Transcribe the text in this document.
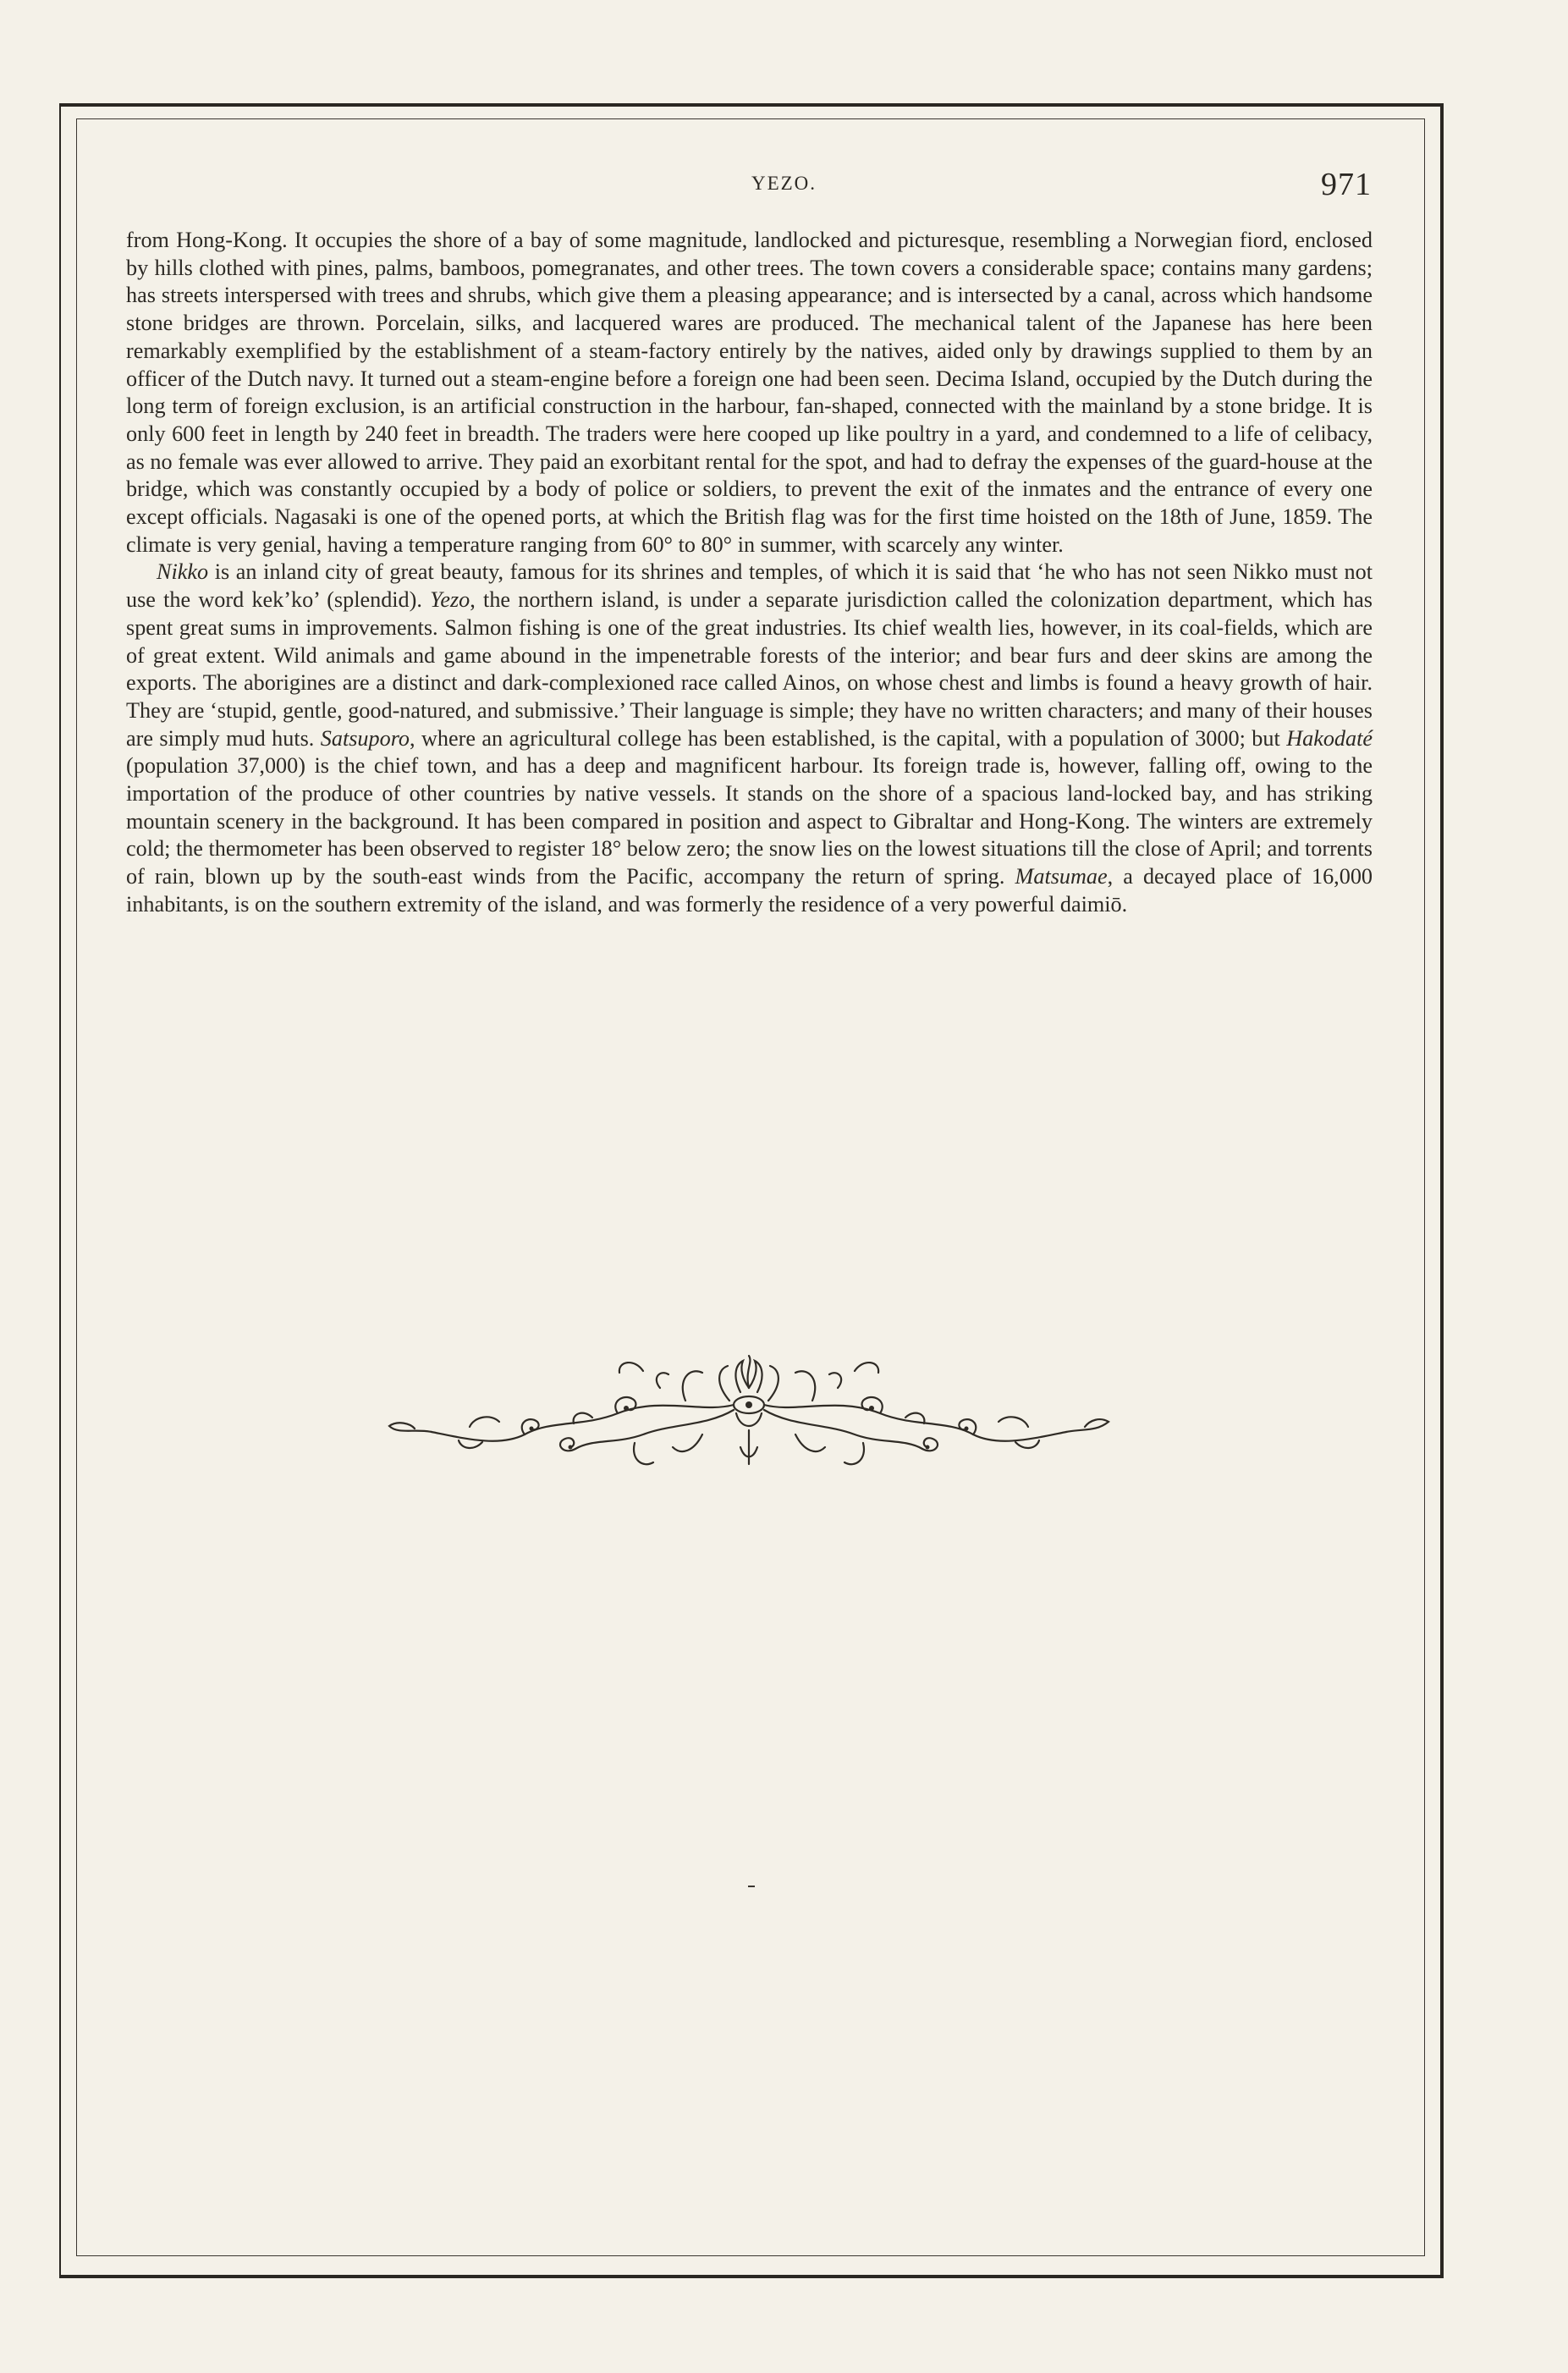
YEZO.	971

from Hong-Kong. It occupies the shore of a bay of some magnitude, landlocked and picturesque, resembling a Norwegian fiord, enclosed by hills clothed with pines, palms, bamboos, pomegranates, and other trees. The town covers a considerable space; contains many gardens; has streets interspersed with trees and shrubs, which give them a pleasing appearance; and is intersected by a canal, across which handsome stone bridges are thrown. Porcelain, silks, and lacquered wares are produced. The mechanical talent of the Japanese has here been remarkably exemplified by the establishment of a steam-factory entirely by the natives, aided only by drawings supplied to them by an officer of the Dutch navy. It turned out a steam-engine before a foreign one had been seen. Decima Island, occupied by the Dutch during the long term of foreign exclusion, is an artificial construction in the harbour, fan-shaped, connected with the mainland by a stone bridge. It is only 600 feet in length by 240 feet in breadth. The traders were here cooped up like poultry in a yard, and condemned to a life of celibacy, as no female was ever allowed to arrive. They paid an exorbitant rental for the spot, and had to defray the expenses of the guard-house at the bridge, which was constantly occupied by a body of police or soldiers, to prevent the exit of the inmates and the entrance of every one except officials. Nagasaki is one of the opened ports, at which the British flag was for the first time hoisted on the 18th of June, 1859. The climate is very genial, having a temperature ranging from 60° to 80° in summer, with scarcely any winter.

Nikko is an inland city of great beauty, famous for its shrines and temples, of which it is said that ‘he who has not seen Nikko must not use the word kek’ko’ (splendid). Yezo, the northern island, is under a separate jurisdiction called the colonization department, which has spent great sums in improvements. Salmon fishing is one of the great industries. Its chief wealth lies, however, in its coal-fields, which are of great extent. Wild animals and game abound in the impenetrable forests of the interior; and bear furs and deer skins are among the exports. The aborigines are a distinct and dark-complexioned race called Ainos, on whose chest and limbs is found a heavy growth of hair. They are ‘stupid, gentle, good-natured, and submissive.’ Their language is simple; they have no written characters; and many of their houses are simply mud huts. Satsuporo, where an agricultural college has been established, is the capital, with a population of 3000; but Hakodaté (population 37,000) is the chief town, and has a deep and magnificent harbour. Its foreign trade is, however, falling off, owing to the importation of the produce of other countries by native vessels. It stands on the shore of a spacious land-locked bay, and has striking mountain scenery in the background. It has been compared in position and aspect to Gibraltar and Hong-Kong. The winters are extremely cold; the thermometer has been observed to register 18° below zero; the snow lies on the lowest situations till the close of April; and torrents of rain, blown up by the south-east winds from the Pacific, accompany the return of spring. Matsumae, a decayed place of 16,000 inhabitants, is on the southern extremity of the island, and was formerly the residence of a very powerful daimiō.
